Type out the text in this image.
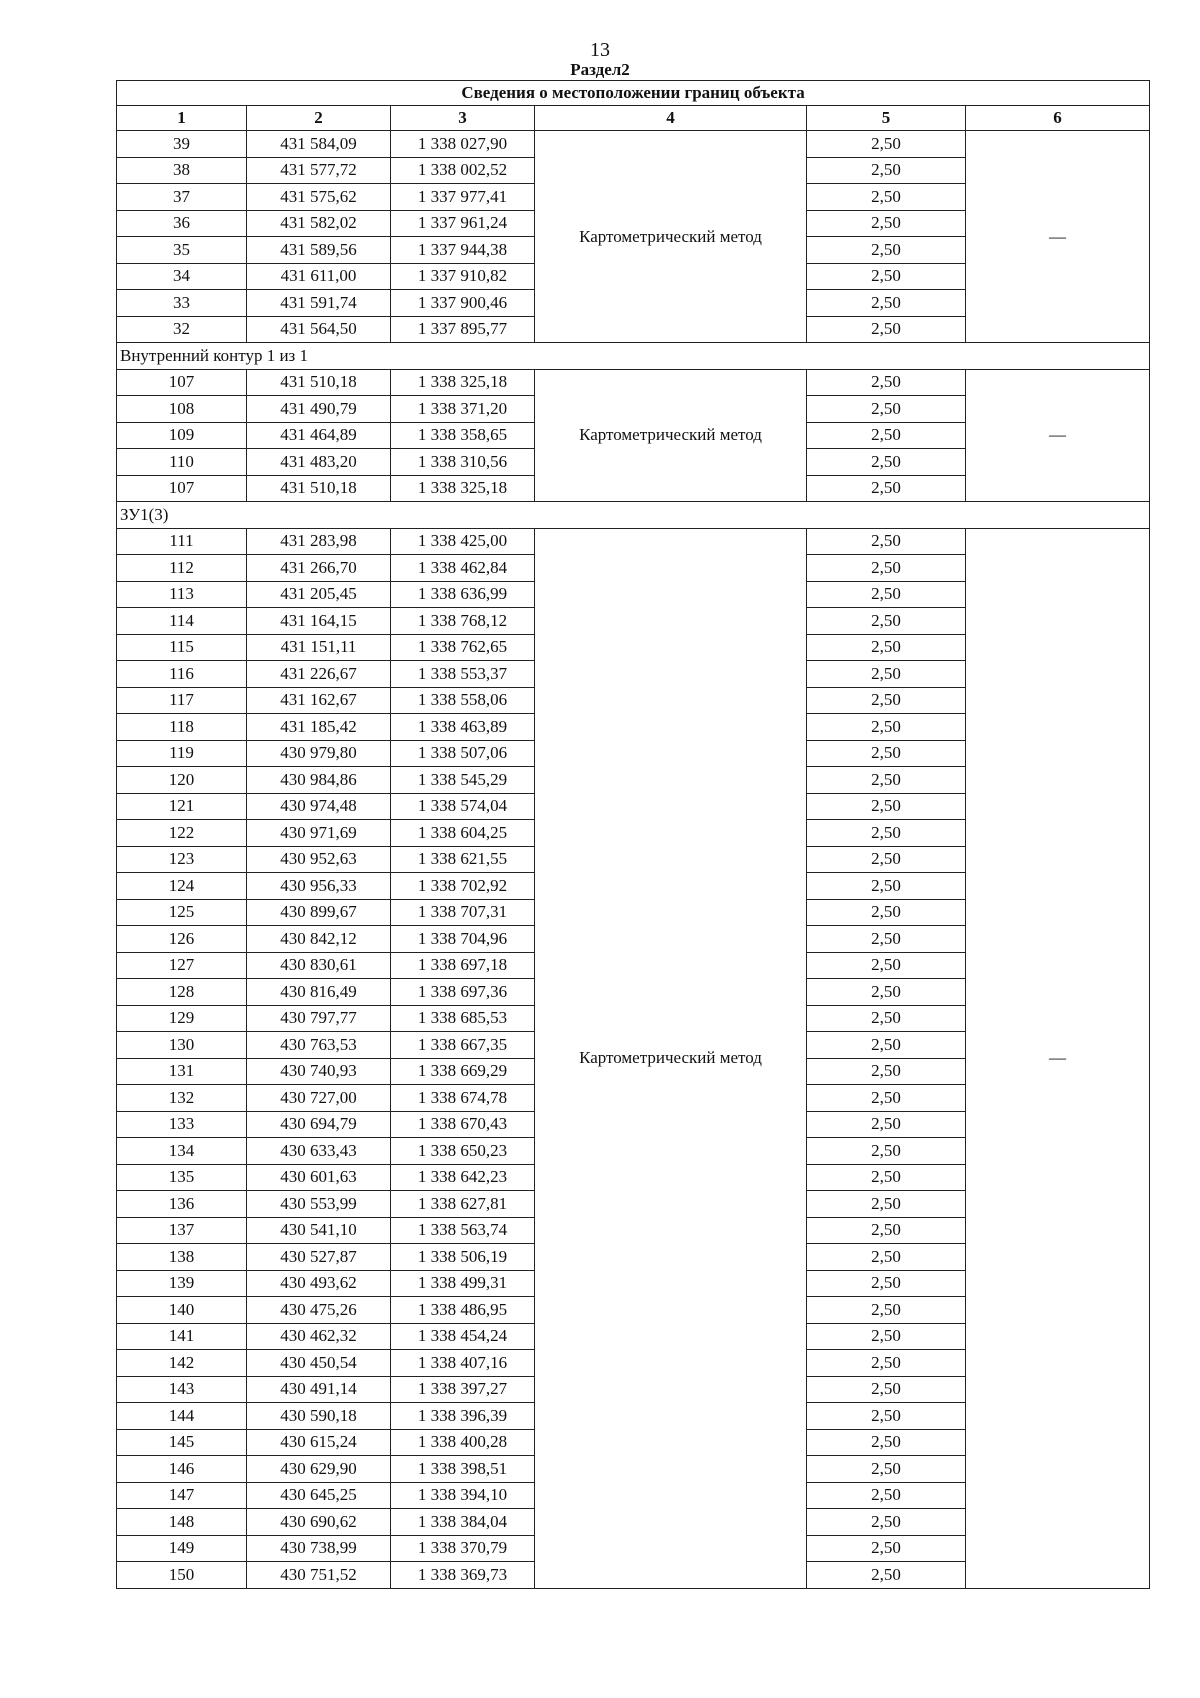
13
Раздел2
Сведения о местоположении границ объекта					
1	2	3	4	5	6
39	431 584,09	1 338 027,90	Картометрический метод	2,50	—
38	431 577,72	1 338 002,52		2,50	
37	431 575,62	1 337 977,41		2,50	
36	431 582,02	1 337 961,24		2,50	
35	431 589,56	1 337 944,38		2,50	
34	431 611,00	1 337 910,82		2,50	
33	431 591,74	1 337 900,46		2,50	
32	431 564,50	1 337 895,77		2,50	
Внутренний контур 1 из 1					
107	431 510,18	1 338 325,18	Картометрический метод	2,50	—
108	431 490,79	1 338 371,20		2,50	
109	431 464,89	1 338 358,65		2,50	
110	431 483,20	1 338 310,56		2,50	
107	431 510,18	1 338 325,18		2,50	
ЗУ1(3)					
111	431 283,98	1 338 425,00	Картометрический метод	2,50	—
112	431 266,70	1 338 462,84		2,50	
113	431 205,45	1 338 636,99		2,50	
114	431 164,15	1 338 768,12		2,50	
115	431 151,11	1 338 762,65		2,50	
116	431 226,67	1 338 553,37		2,50	
117	431 162,67	1 338 558,06		2,50	
118	431 185,42	1 338 463,89		2,50	
119	430 979,80	1 338 507,06		2,50	
120	430 984,86	1 338 545,29		2,50	
121	430 974,48	1 338 574,04		2,50	
122	430 971,69	1 338 604,25		2,50	
123	430 952,63	1 338 621,55		2,50	
124	430 956,33	1 338 702,92		2,50	
125	430 899,67	1 338 707,31		2,50	
126	430 842,12	1 338 704,96		2,50	
127	430 830,61	1 338 697,18		2,50	
128	430 816,49	1 338 697,36		2,50	
129	430 797,77	1 338 685,53		2,50	
130	430 763,53	1 338 667,35		2,50	
131	430 740,93	1 338 669,29		2,50	
132	430 727,00	1 338 674,78		2,50	
133	430 694,79	1 338 670,43		2,50	
134	430 633,43	1 338 650,23		2,50	
135	430 601,63	1 338 642,23		2,50	
136	430 553,99	1 338 627,81		2,50	
137	430 541,10	1 338 563,74		2,50	
138	430 527,87	1 338 506,19		2,50	
139	430 493,62	1 338 499,31		2,50	
140	430 475,26	1 338 486,95		2,50	
141	430 462,32	1 338 454,24		2,50	
142	430 450,54	1 338 407,16		2,50	
143	430 491,14	1 338 397,27		2,50	
144	430 590,18	1 338 396,39		2,50	
145	430 615,24	1 338 400,28		2,50	
146	430 629,90	1 338 398,51		2,50	
147	430 645,25	1 338 394,10		2,50	
148	430 690,62	1 338 384,04		2,50	
149	430 738,99	1 338 370,79		2,50	
150	430 751,52	1 338 369,73		2,50	
